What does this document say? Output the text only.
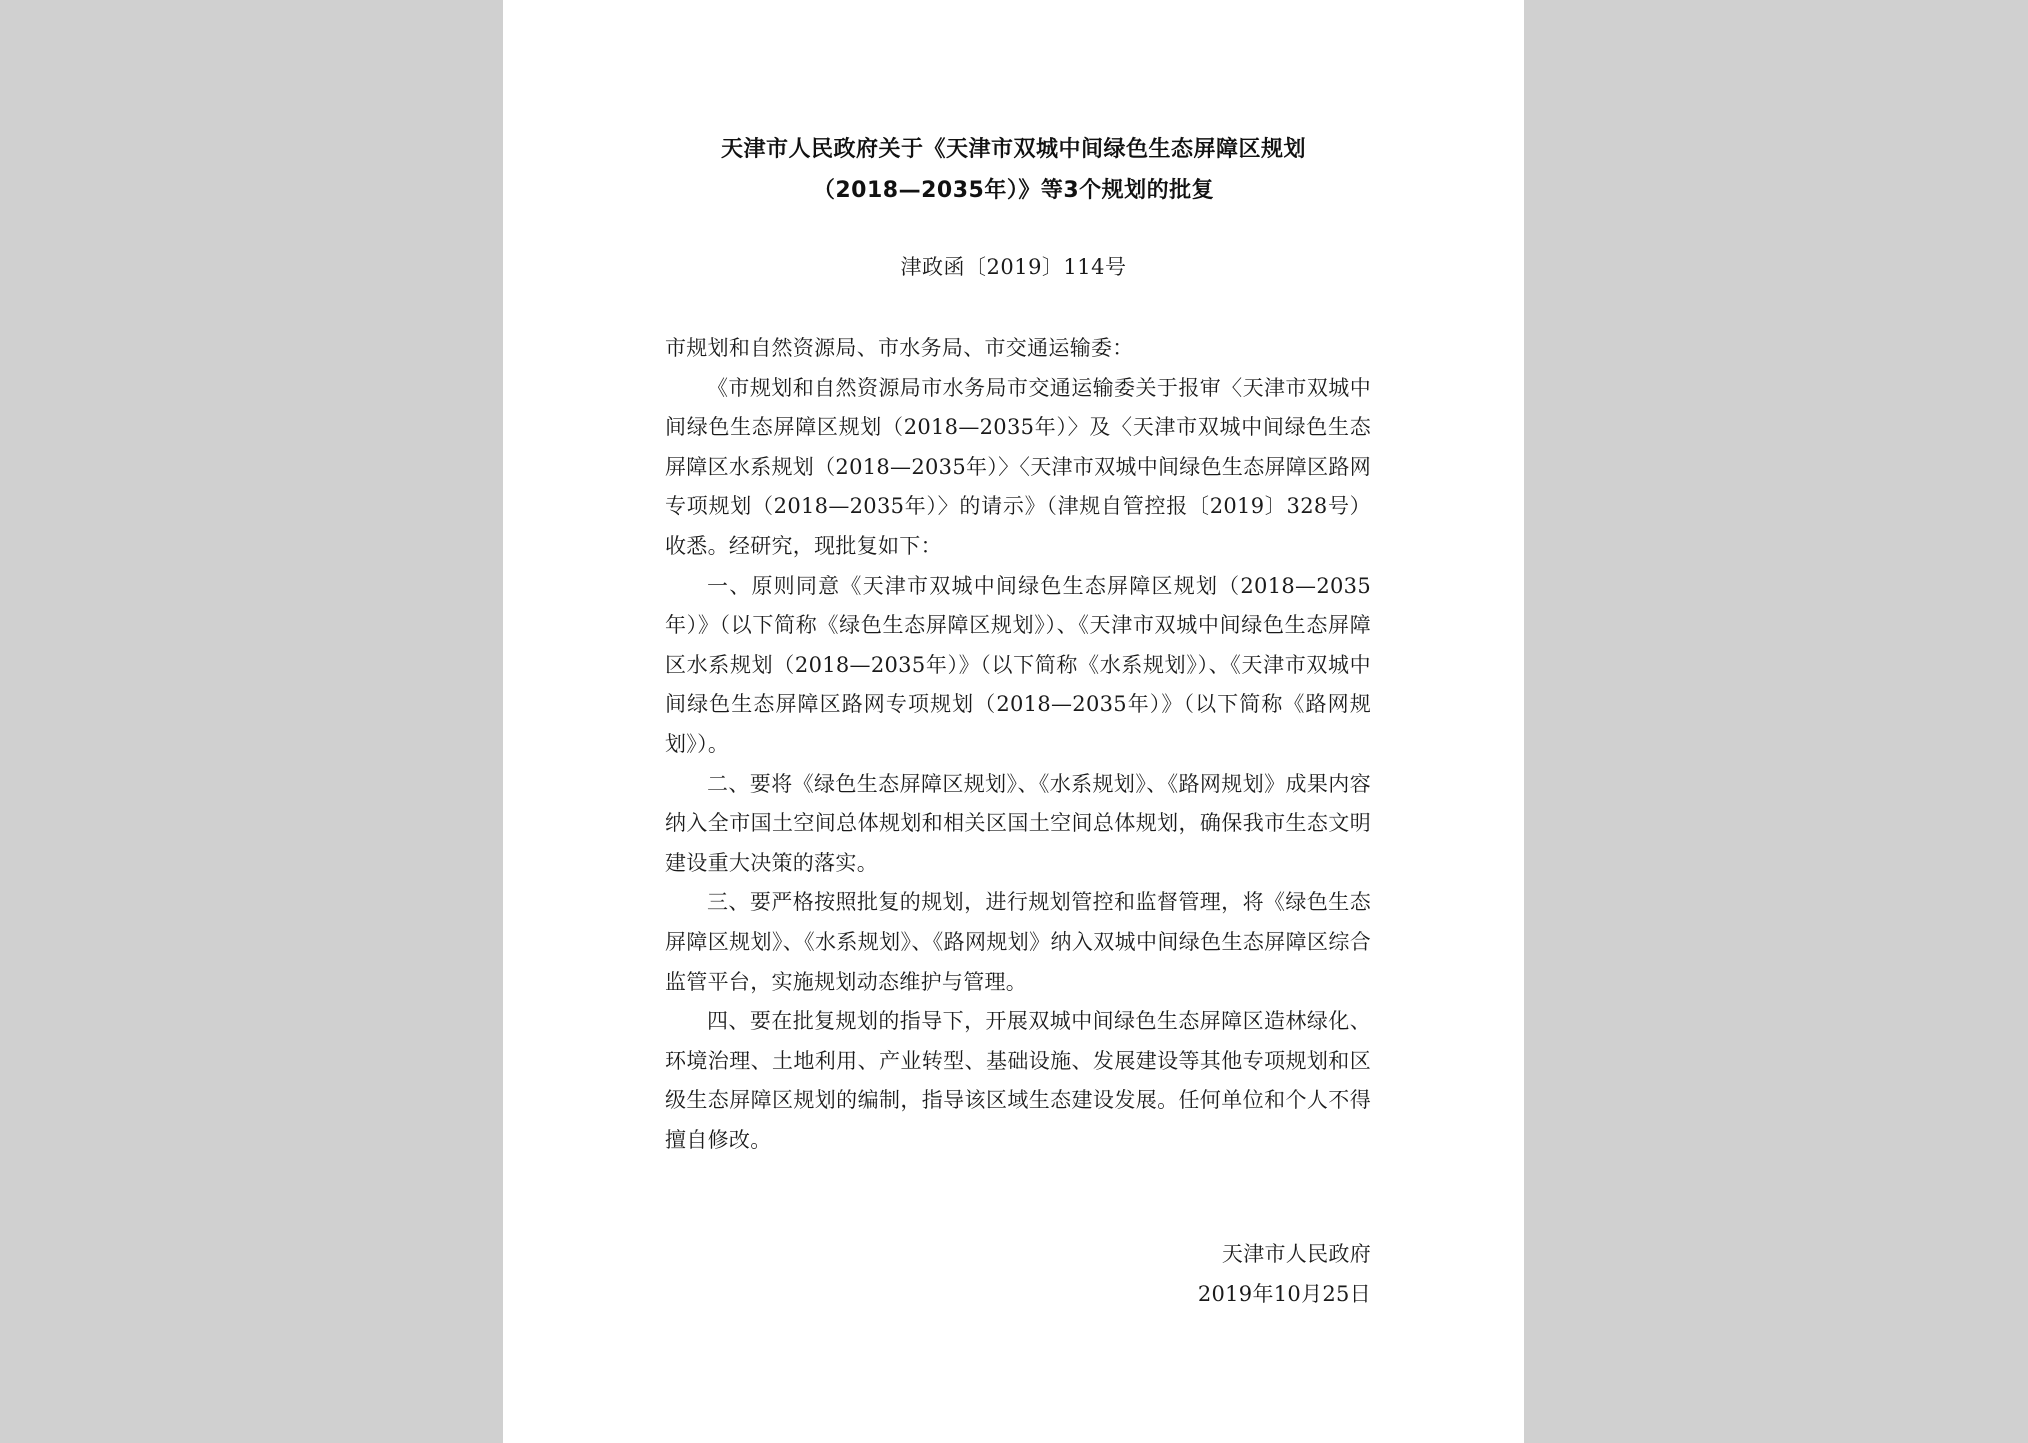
天津市人民政府关于《天津市双城中间绿色生态屏障区规划
（2018—2035年）》等3个规划的批复
津政函〔2019〕114号

市规划和自然资源局、市水务局、市交通运输委：

《市规划和自然资源局市水务局市交通运输委关于报审〈天津市双城中间绿色生态屏障区规划（2018—2035年）〉及〈天津市双城中间绿色生态屏障区水系规划（2018—2035年）〉〈天津市双城中间绿色生态屏障区路网专项规划（2018—2035年）〉的请示》（津规自管控报〔2019〕328号）收悉。经研究，现批复如下：

一、原则同意《天津市双城中间绿色生态屏障区规划（2018—2035年）》（以下简称《绿色生态屏障区规划》）、《天津市双城中间绿色生态屏障区水系规划（2018—2035年）》（以下简称《水系规划》）、《天津市双城中间绿色生态屏障区路网专项规划（2018—2035年）》（以下简称《路网规划》）。

二、要将《绿色生态屏障区规划》、《水系规划》、《路网规划》成果内容纳入全市国土空间总体规划和相关区国土空间总体规划，确保我市生态文明建设重大决策的落实。

三、要严格按照批复的规划，进行规划管控和监督管理，将《绿色生态屏障区规划》、《水系规划》、《路网规划》纳入双城中间绿色生态屏障区综合监管平台，实施规划动态维护与管理。

四、要在批复规划的指导下，开展双城中间绿色生态屏障区造林绿化、环境治理、土地利用、产业转型、基础设施、发展建设等其他专项规划和区级生态屏障区规划的编制，指导该区域生态建设发展。任何单位和个人不得擅自修改。

天津市人民政府
2019年10月25日
